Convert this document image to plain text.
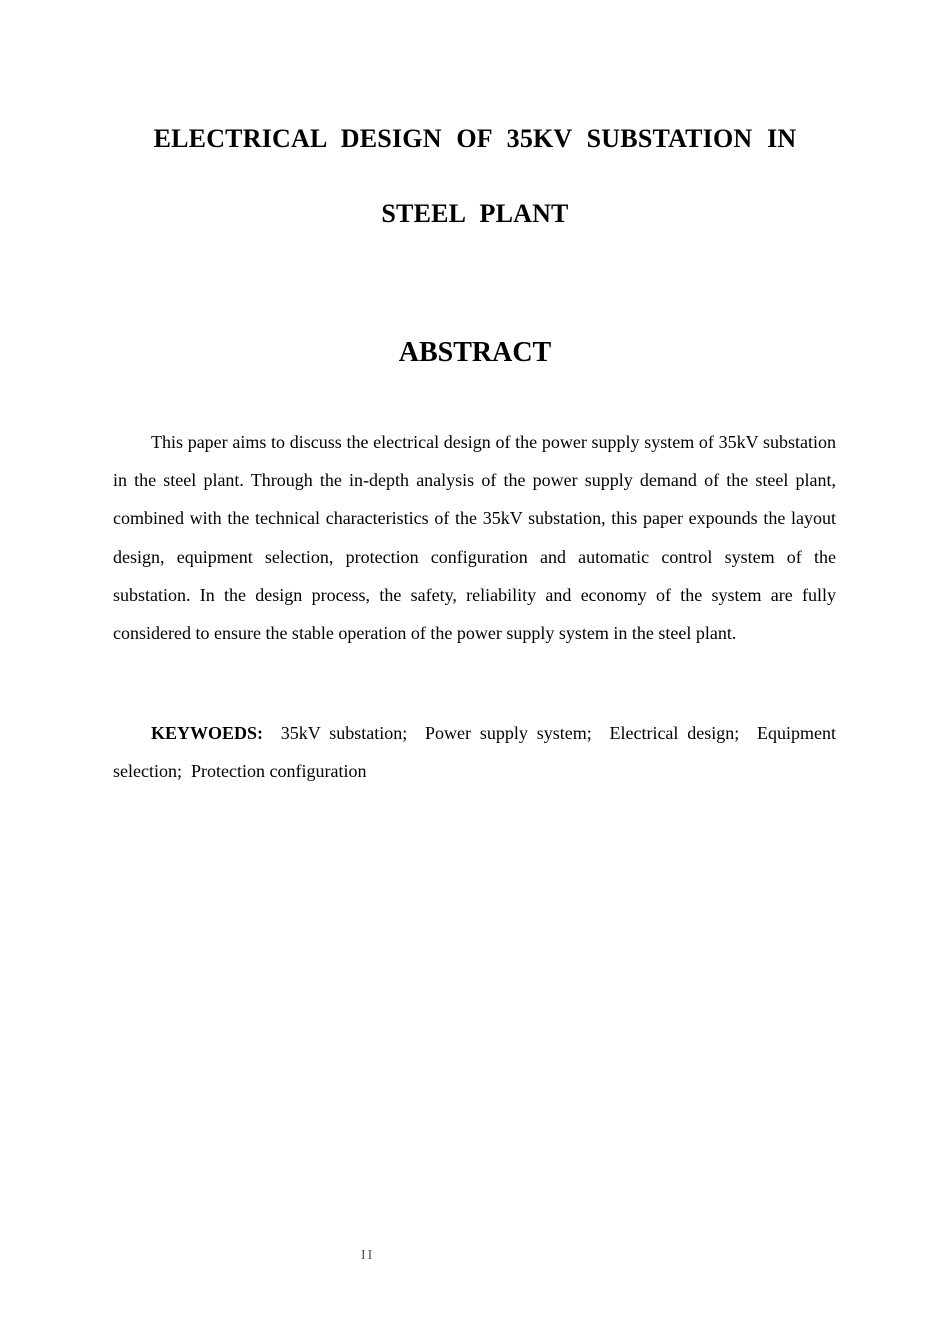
ELECTRICAL DESIGN OF 35KV SUBSTATION IN
STEEL PLANT
ABSTRACT

This paper aims to discuss the electrical design of the power supply system of 35kV substation in the steel plant. Through the in-depth analysis of the power supply demand of the steel plant, combined with the technical characteristics of the 35kV substation, this paper expounds the layout design, equipment selection, protection configuration and automatic control system of the substation. In the design process, the safety, reliability and economy of the system are fully considered to ensure the stable operation of the power supply system in the steel plant.

KEYWOEDS: 35kV substation; Power supply system; Electrical design; Equipment selection; Protection configuration

II
